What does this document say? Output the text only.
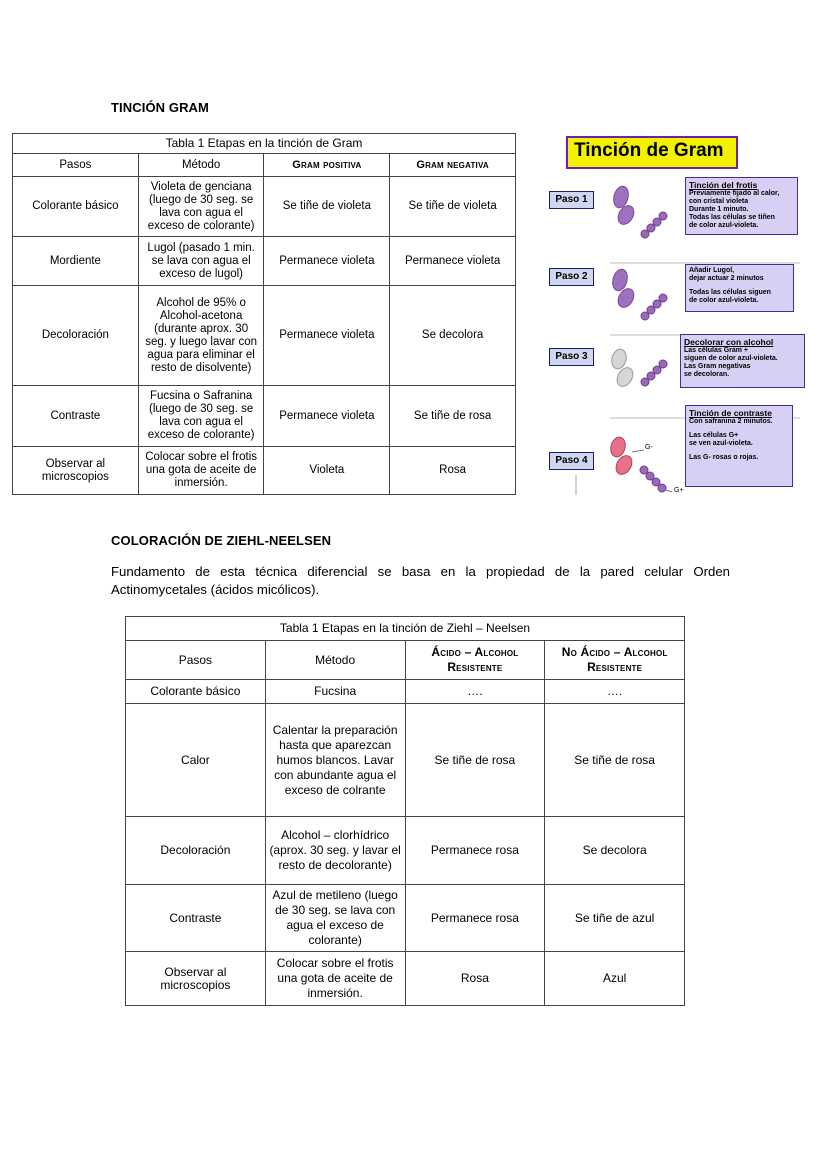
TINCIÓN GRAM
Tabla 1 Etapas en la tinción de Gram			
Pasos	Método	Gram positiva	Gram negativa
Colorante básico	Violeta de genciana (luego de 30 seg. se lava con agua el exceso de colorante)	Se tiñe de violeta	Se tiñe de violeta
Mordiente	Lugol (pasado 1 min. se lava con agua el exceso de lugol)	Permanece violeta	Permanece violeta
Decoloración	Alcohol de 95% o Alcohol-acetona (durante aprox. 30 seg. y luego lavar con agua para eliminar el resto de disolvente)	Permanece violeta	Se decolora
Contraste	Fucsina o Safranina (luego de 30 seg. se lava con agua el exceso de colorante)	Permanece violeta	Se tiñe de rosa
Observar al microscopios	Colocar sobre el frotis una gota de aceite de inmersión.	Violeta	Rosa
Tinción de Gram
G-
G+
Paso 1
Paso 2
Paso 3
Paso 4
Tinción del frotis
Previamente fijado al calor,
con cristal violeta
Durante 1 minuto.
Todas las células se tiñen
de color azul-violeta.
Añadir Lugol,
dejar actuar 2 minutos
Todas las células siguen
de color azul-violeta.
Decolorar con alcohol
Las células Gram +
siguen de color azul-violeta.
Las Gram negativas
se decoloran.
Tinción de contraste
Con safranina 2 minutos.
Las células G+
se ven azul-violeta.
Las G- rosas o rojas.
COLORACIÓN DE ZIEHL-NEELSEN
Fundamento de esta técnica diferencial se basa en la propiedad de la pared celular Orden Actinomycetales (ácidos micólicos).
Tabla 1 Etapas en la tinción de Ziehl – Neelsen			
Pasos	Método	Ácido – Alcohol Resistente	No Ácido – Alcohol Resistente
Colorante básico	Fucsina	….	….
Calor	Calentar la preparación hasta que aparezcan humos blancos. Lavar con abundante agua el exceso de colrante	Se tiñe de rosa	Se tiñe de rosa
Decoloración	Alcohol – clorhídrico (aprox. 30 seg. y lavar el resto de decolorante)	Permanece rosa	Se decolora
Contraste	Azul de metileno (luego de 30 seg. se lava con agua el exceso de colorante)	Permanece rosa	Se tiñe de azul
Observar al microscopios	Colocar sobre el frotis una gota de aceite de inmersión.	Rosa	Azul
